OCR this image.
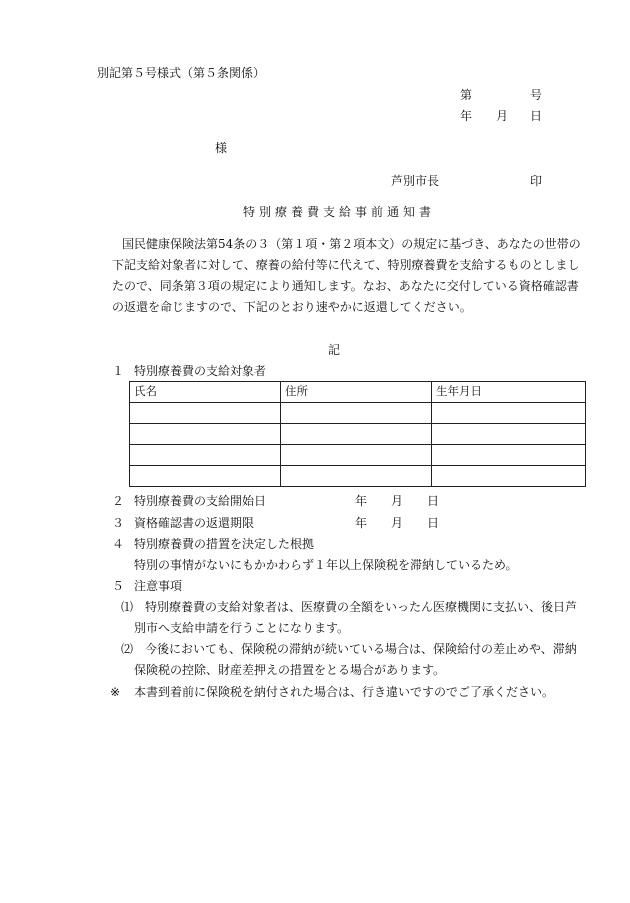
別記第５号様式（第５条関係）
第	号
年 月 日
様
芦別市長	印
特別療養費支給事前通知書
国民健康保険法第54条の３（第１項・第２項本文）の規定に基づき、あなたの世帯の
下記支給対象者に対して、療養の給付等に代えて、特別療養費を支給するものとしまし
たので、同条第３項の規定により通知します。なお、あなたに交付している資格確認書
の返還を命じますので、下記のとおり速やかに返還してください。
記
１ 特別療養費の支給対象者
氏名	住所	生年月日

２ 特別療養費の支給開始日	年 月 日
３ 資格確認書の返還期限	年 月 日
４ 特別療養費の措置を決定した根拠
特別の事情がないにもかかわらず１年以上保険税を滞納しているため。
５ 注意事項
⑴ 特別療養費の支給対象者は、医療費の全額をいったん医療機関に支払い、後日芦
別市へ支給申請を行うことになります。
⑵ 今後においても、保険税の滞納が続いている場合は、保険給付の差止めや、滞納
保険税の控除、財産差押えの措置をとる場合があります。
※ 本書到着前に保険税を納付された場合は、行き違いですのでご了承ください。
